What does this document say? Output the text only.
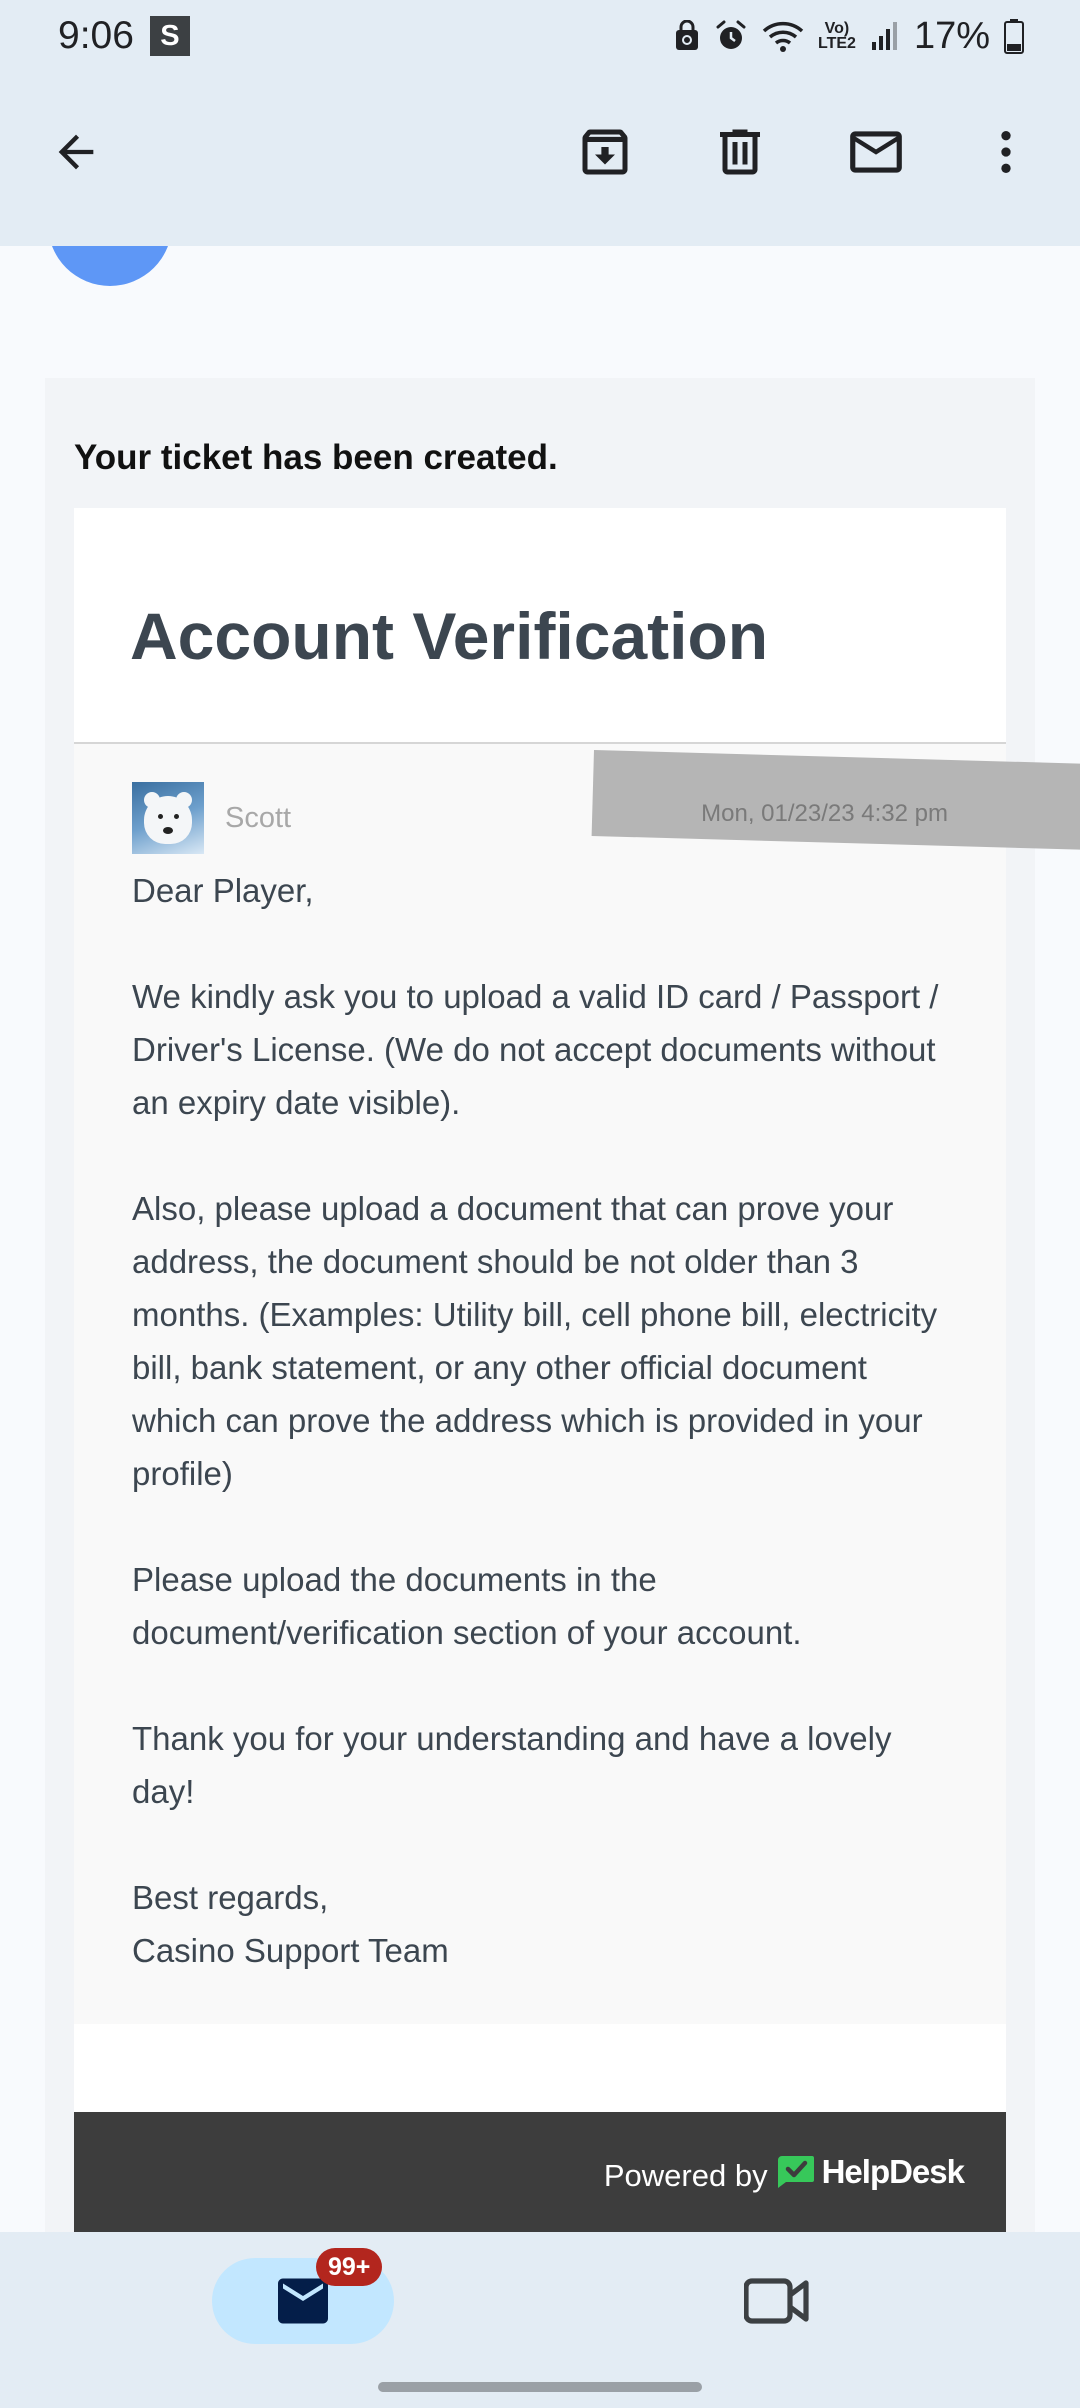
9:06 S	Vo)
LTE2 17%
Your ticket has been created.
Account Verification
Scott	Mon, 01/23/23 4:32 pm

Dear Player,

We kindly ask you to upload a valid ID card / Passport / Driver's License. (We do not accept documents without an expiry date visible).

Also, please upload a document that can prove your address, the document should be not older than 3 months. (Examples: Utility bill, cell phone bill, electricity bill, bank statement, or any other official document which can prove the address which is provided in your profile)

Please upload the documents in the document/verification section of your account.

Thank you for your understanding and have a lovely day!

Best regards,
Casino Support Team

Powered by HelpDesk
99+
